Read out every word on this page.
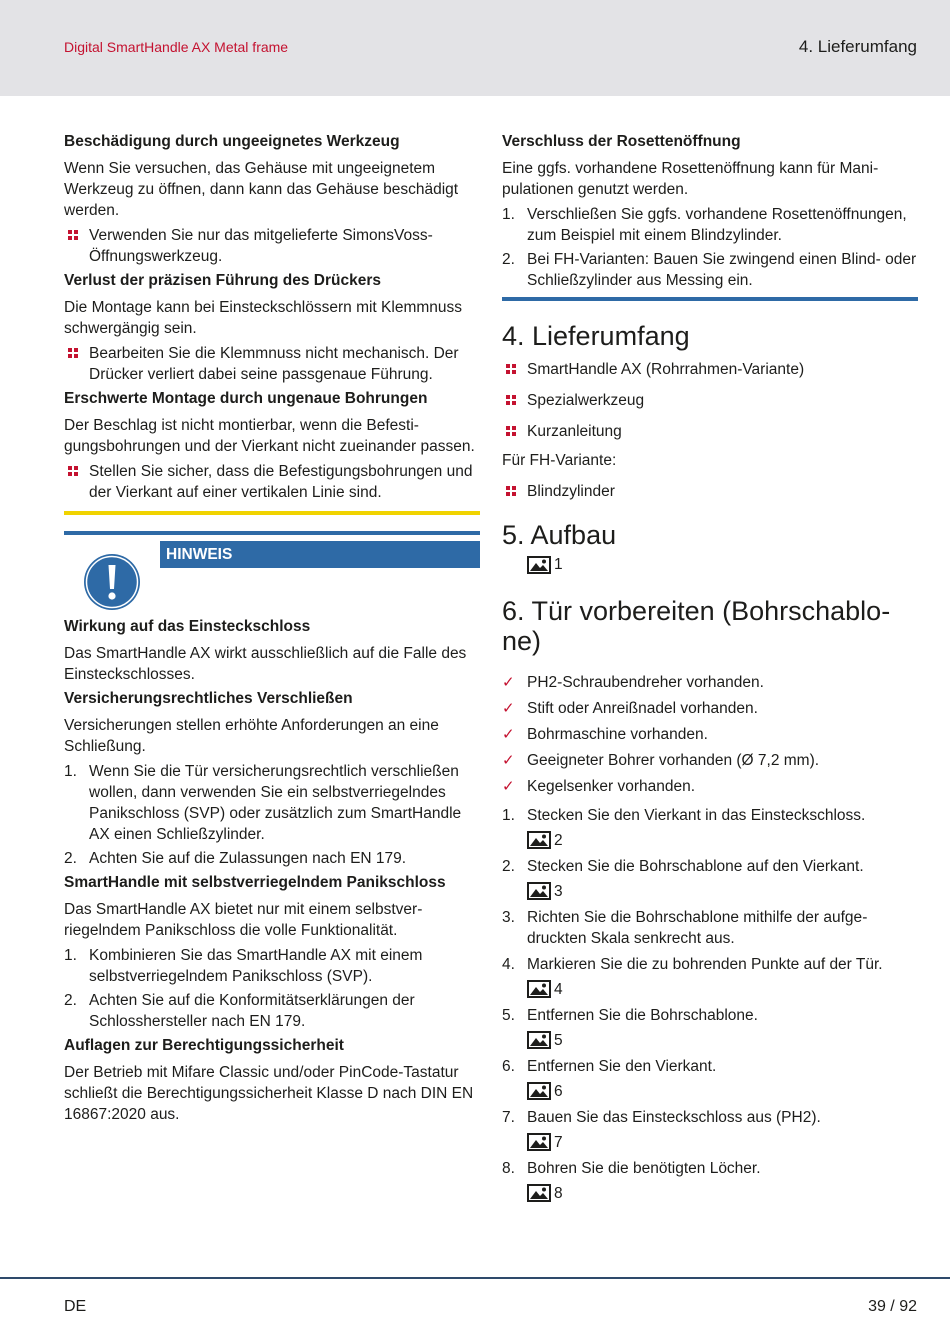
Digital SmartHandle AX Metal frame	4. Lieferumfang
Beschädigung durch ungeeignetes Werkzeug
Wenn Sie versuchen, das Gehäuse mit ungeeignetem Werkzeug zu öffnen, dann kann das Gehäuse beschädigt werden.
Verwenden Sie nur das mitgelieferte SimonsVoss-Öffnungswerkzeug.
Verlust der präzisen Führung des Drückers
Die Montage kann bei Einsteckschlössern mit Klemmnuss schwergängig sein.
Bearbeiten Sie die Klemmnuss nicht mechanisch. Der Drücker verliert dabei seine passgenaue Führung.
Erschwerte Montage durch ungenaue Bohrungen
Der Beschlag ist nicht montierbar, wenn die Befestigungsbohrungen und der Vierkant nicht zueinander passen.
Stellen Sie sicher, dass die Befestigungsbohrungen und der Vierkant auf einer vertikalen Linie sind.
HINWEIS
Wirkung auf das Einsteckschloss
Das SmartHandle AX wirkt ausschließlich auf die Falle des Einsteckschlosses.
Versicherungsrechtliches Verschließen
Versicherungen stellen erhöhte Anforderungen an eine Schließung.
1. Wenn Sie die Tür versicherungsrechtlich verschließen wollen, dann verwenden Sie ein selbstverriegelndes Panikschloss (SVP) oder zusätzlich zum SmartHandle AX einen Schließzylinder.
2. Achten Sie auf die Zulassungen nach EN 179.
SmartHandle mit selbstverriegelndem Panikschloss
Das SmartHandle AX bietet nur mit einem selbstverriegelndem Panikschloss die volle Funktionalität.
1. Kombinieren Sie das SmartHandle AX mit einem selbstverriegelndem Panikschloss (SVP).
2. Achten Sie auf die Konformitätserklärungen der Schlosshersteller nach EN 179.
Auflagen zur Berechtigungssicherheit
Der Betrieb mit Mifare Classic und/oder PinCode-Tastatur schließt die Berechtigungssicherheit Klasse D nach DIN EN 16867:2020 aus.
Verschluss der Rosettenöffnung
Eine ggfs. vorhandene Rosettenöffnung kann für Manipulationen genutzt werden.
1. Verschließen Sie ggfs. vorhandene Rosettenöffnungen, zum Beispiel mit einem Blindzylinder.
2. Bei FH-Varianten: Bauen Sie zwingend einen Blind- oder Schließzylinder aus Messing ein.
4. Lieferumfang
SmartHandle AX (Rohrrahmen-Variante)
Spezialwerkzeug
Kurzanleitung
Für FH-Variante:
Blindzylinder
5. Aufbau
1
6. Tür vorbereiten (Bohrschablone)
✓ PH2-Schraubendreher vorhanden.
✓ Stift oder Anreißnadel vorhanden.
✓ Bohrmaschine vorhanden.
✓ Geeigneter Bohrer vorhanden (Ø 7,2 mm).
✓ Kegelsenker vorhanden.
1. Stecken Sie den Vierkant in das Einsteckschloss.
2
2. Stecken Sie die Bohrschablone auf den Vierkant.
3
3. Richten Sie die Bohrschablone mithilfe der aufgedruckten Skala senkrecht aus.
4. Markieren Sie die zu bohrenden Punkte auf der Tür.
4
5. Entfernen Sie die Bohrschablone.
5
6. Entfernen Sie den Vierkant.
6
7. Bauen Sie das Einsteckschloss aus (PH2).
7
8. Bohren Sie die benötigten Löcher.
8
DE	39 / 92
